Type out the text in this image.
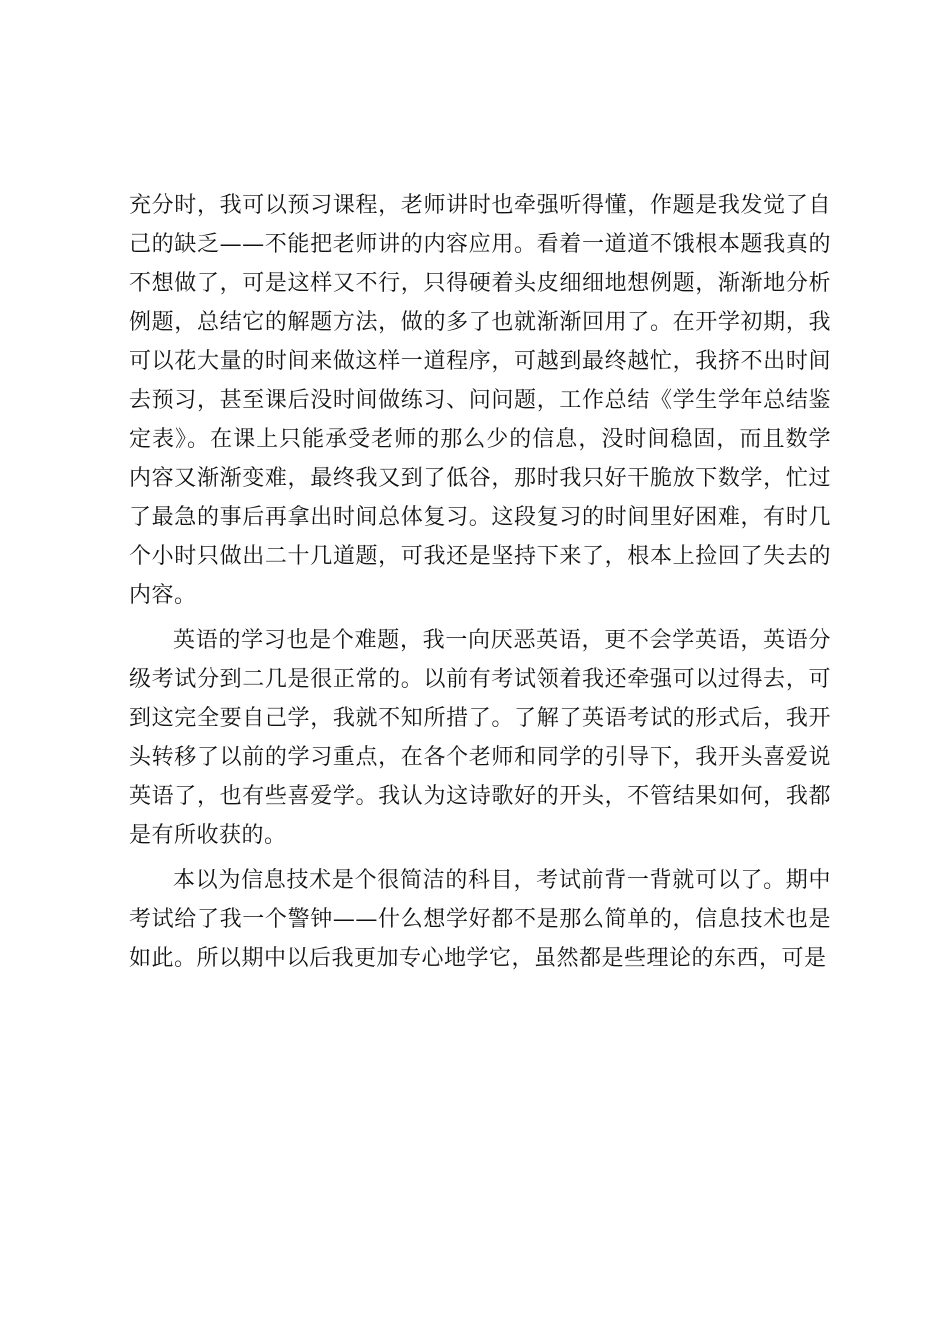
充分时，我可以预习课程，老师讲时也牵强听得懂，作题是我发觉了自己的缺乏——不能把老师讲的内容应用。看着一道道不饿根本题我真的不想做了，可是这样又不行，只得硬着头皮细细地想例题，渐渐地分析例题，总结它的解题方法，做的多了也就渐渐回用了。在开学初期，我可以花大量的时间来做这样一道程序，可越到最终越忙，我挤不出时间去预习，甚至课后没时间做练习、问问题，工作总结《学生学年总结鉴定表》。在课上只能承受老师的那么少的信息，没时间稳固，而且数学内容又渐渐变难，最终我又到了低谷，那时我只好干脆放下数学，忙过了最急的事后再拿出时间总体复习。这段复习的时间里好困难，有时几个小时只做出二十几道题，可我还是坚持下来了，根本上捡回了失去的内容。

英语的学习也是个难题，我一向厌恶英语，更不会学英语，英语分级考试分到二几是很正常的。以前有考试领着我还牵强可以过得去，可到这完全要自己学，我就不知所措了。了解了英语考试的形式后，我开头转移了以前的学习重点，在各个老师和同学的引导下，我开头喜爱说英语了，也有些喜爱学。我认为这诗歌好的开头，不管结果如何，我都是有所收获的。

本以为信息技术是个很简洁的科目，考试前背一背就可以了。期中考试给了我一个警钟——什么想学好都不是那么简单的，信息技术也是如此。所以期中以后我更加专心地学它，虽然都是些理论的东西，可是
